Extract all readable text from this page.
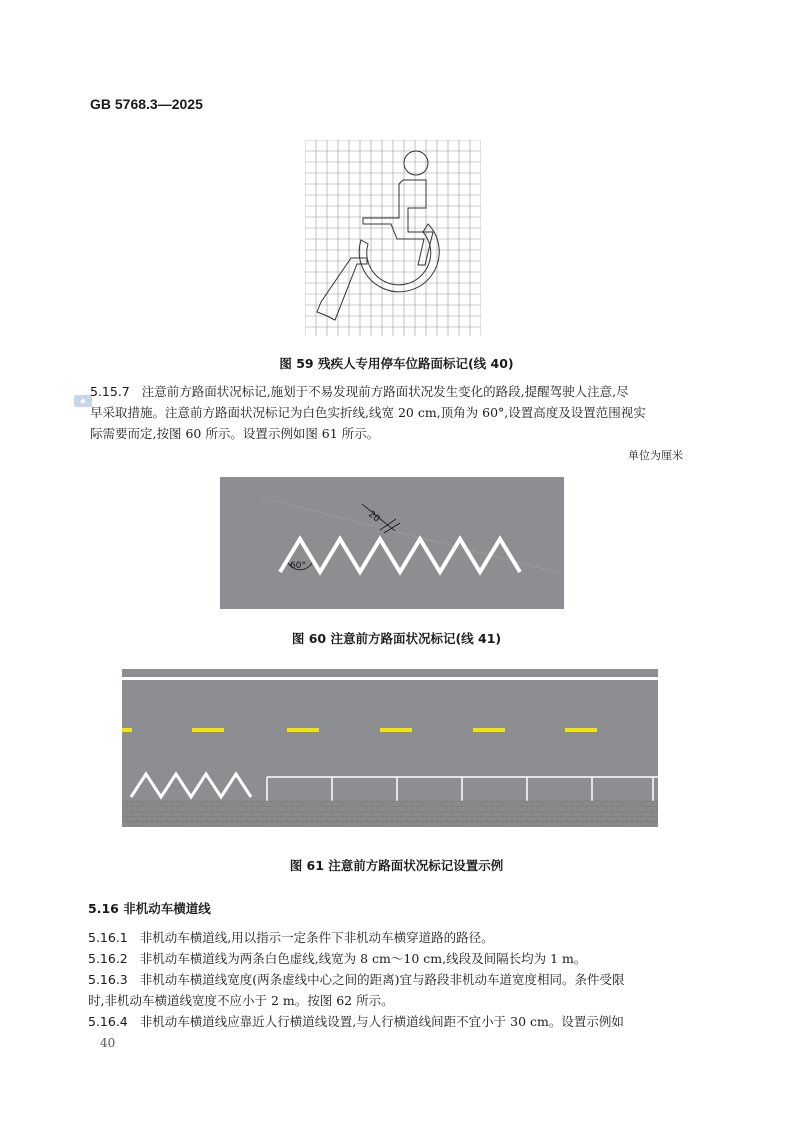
GB 5768.3—2025
图 59 残疾人专用停车位路面标记(线 40)
◆
5.15.7 注意前方路面状况标记,施划于不易发现前方路面状况发生变化的路段,提醒驾驶人注意,尽
早采取措施。注意前方路面状况标记为白色实折线,线宽 20 cm,顶角为 60°,设置高度及设置范围视实
际需要而定,按图 60 所示。设置示例如图 61 所示。
单位为厘米
20
60°
图 60 注意前方路面状况标记(线 41)
图 61 注意前方路面状况标记设置示例
5.16 非机动车横道线
5.16.1 非机动车横道线,用以指示一定条件下非机动车横穿道路的路径。
5.16.2 非机动车横道线为两条白色虚线,线宽为 8 cm～10 cm,线段及间隔长均为 1 m。
5.16.3 非机动车横道线宽度(两条虚线中心之间的距离)宜与路段非机动车道宽度相同。条件受限
时,非机动车横道线宽度不应小于 2 m。按图 62 所示。
5.16.4 非机动车横道线应靠近人行横道线设置,与人行横道线间距不宜小于 30 cm。设置示例如
40
